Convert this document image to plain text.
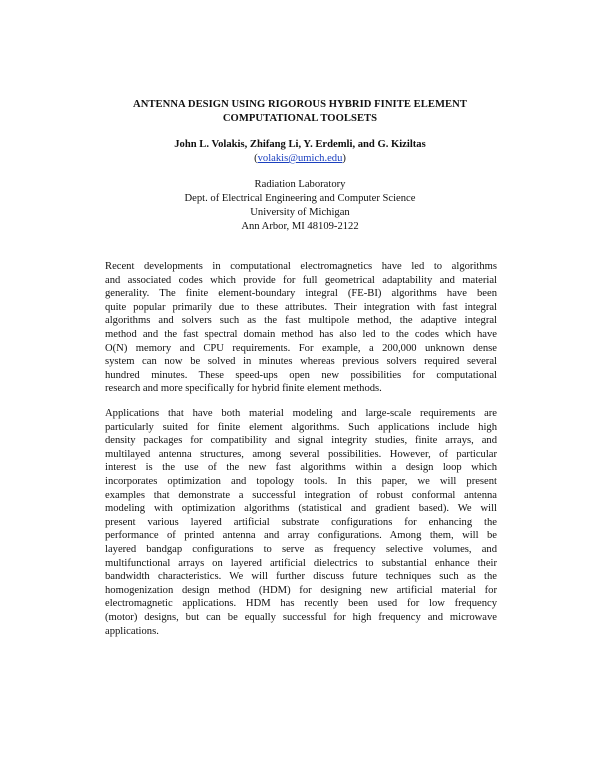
ANTENNA DESIGN USING RIGOROUS HYBRID FINITE ELEMENT
COMPUTATIONAL TOOLSETS
John L. Volakis, Zhifang Li, Y. Erdemli, and G. Kiziltas
(volakis@umich.edu)
Radiation Laboratory
Dept. of Electrical Engineering and Computer Science
University of Michigan
Ann Arbor, MI 48109-2122
Recent developments in computational electromagnetics have led to algorithms
and associated codes which provide for full geometrical adaptability and material
generality. The finite element-boundary integral (FE-BI) algorithms have been
quite popular primarily due to these attributes. Their integration with fast integral
algorithms and solvers such as the fast multipole method, the adaptive integral
method and the fast spectral domain method has also led to the codes which have
O(N) memory and CPU requirements. For example, a 200,000 unknown dense
system can now be solved in minutes whereas previous solvers required several
hundred minutes. These speed-ups open new possibilities for computational
research and more specifically for hybrid finite element methods.
Applications that have both material modeling and large-scale requirements are
particularly suited for finite element algorithms. Such applications include high
density packages for compatibility and signal integrity studies, finite arrays, and
multilayed antenna structures, among several possibilities. However, of particular
interest is the use of the new fast algorithms within a design loop which
incorporates optimization and topology tools. In this paper, we will present
examples that demonstrate a successful integration of robust conformal antenna
modeling with optimization algorithms (statistical and gradient based). We will
present various layered artificial substrate configurations for enhancing the
performance of printed antenna and array configurations. Among them, will be
layered bandgap configurations to serve as frequency selective volumes, and
multifunctional arrays on layered artificial dielectrics to substantial enhance their
bandwidth characteristics. We will further discuss future techniques such as the
homogenization design method (HDM) for designing new artificial material for
electromagnetic applications. HDM has recently been used for low frequency
(motor) designs, but can be equally successful for high frequency and microwave
applications.
